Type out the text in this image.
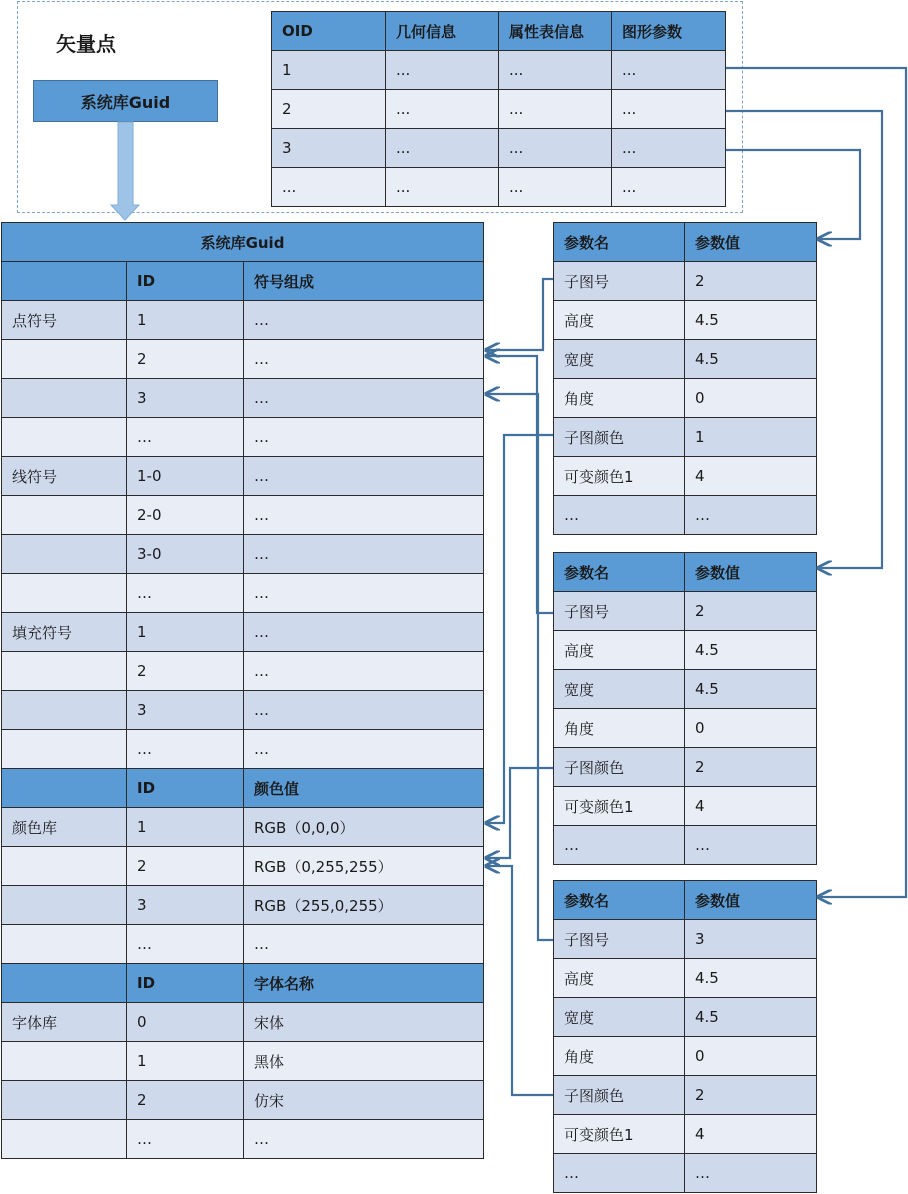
矢量点
系统库Guid
OID	几何信息	属性表信息	图形参数
1	...	...	...
2	...	...	...
3	...	...	...
...	...	...	...
系统库Guid		
	ID	符号组成
点符号	1	…
	2	…
	3	…
	…	…
线符号	1-0	…
	2-0	…
	3-0	…
	…	…
填充符号	1	…
	2	…
	3	…
	…	…
	ID	颜色值
颜色库	1	RGB（0,0,0）
	2	RGB（0,255,255）
	3	RGB（255,0,255）
	…	…
	ID	字体名称
字体库	0	宋体
	1	黑体
	2	仿宋
	…	…
参数名	参数值
子图号	2
高度	4.5
宽度	4.5
角度	0
子图颜色	1
可变颜色1	4
…	…
参数名	参数值
子图号	2
高度	4.5
宽度	4.5
角度	0
子图颜色	2
可变颜色1	4
…	…
参数名	参数值
子图号	3
高度	4.5
宽度	4.5
角度	0
子图颜色	2
可变颜色1	4
…	…
